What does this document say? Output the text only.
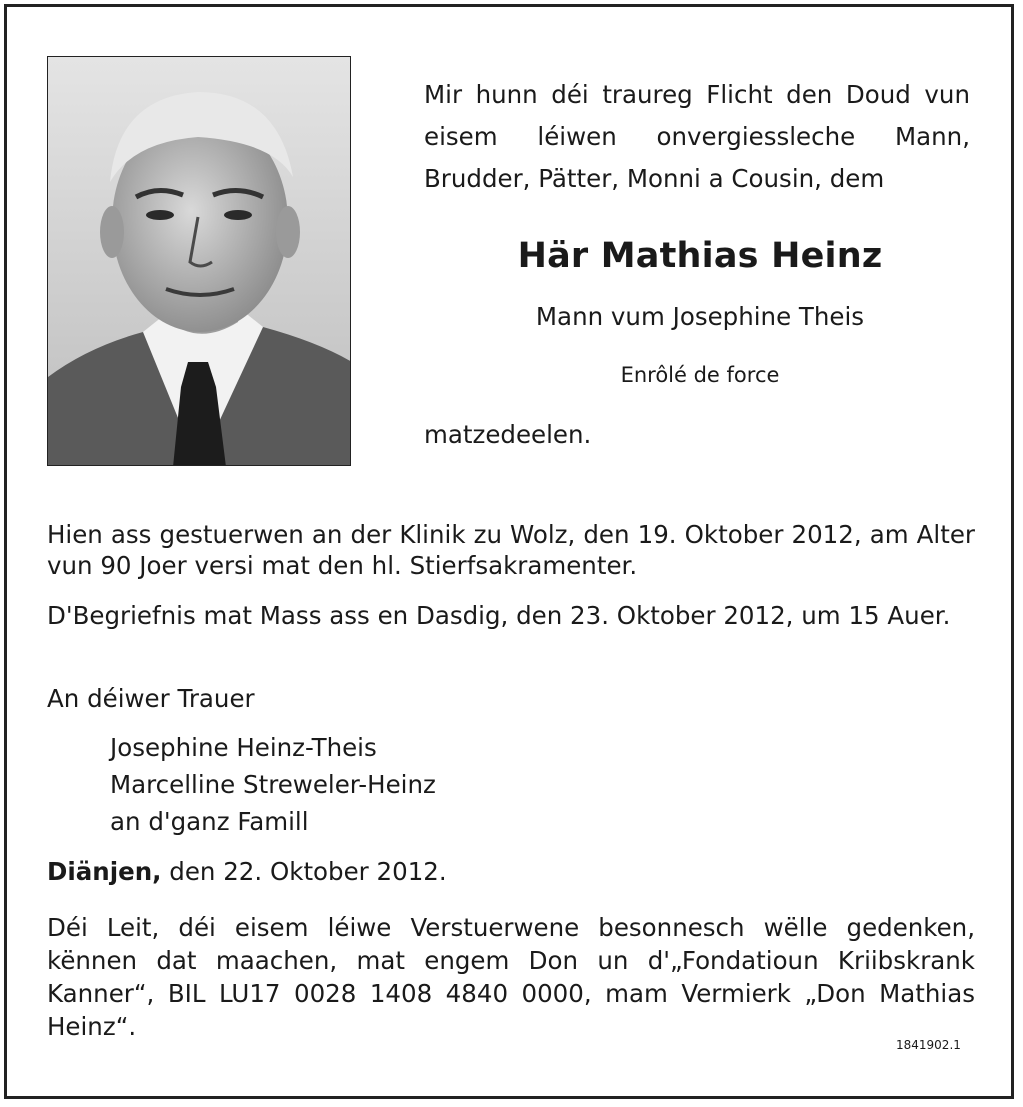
Mir hunn déi traureg Flicht den Doud vun eisem léiwen onvergiessleche Mann, Brudder, Pätter, Monni a Cousin, dem
Här Mathias Heinz
Mann vum Josephine Theis
Enrôlé de force
matzedeelen.
Hien ass gestuerwen an der Klinik zu Wolz, den 19. Oktober 2012, am Alter vun 90 Joer versi mat den hl. Stierfsakramenter.
D'Begriefnis mat Mass ass en Dasdig, den 23. Oktober 2012, um 15 Auer.
An déiwer Trauer
Josephine Heinz-Theis
Marcelline Streweler-Heinz
an d'ganz Famill
Diänjen, den 22. Oktober 2012.
Déi Leit, déi eisem léiwe Verstuerwene besonnesch wëlle gedenken, kënnen dat maachen, mat engem Don un d'„Fondatioun Kriibskrank Kanner“, BIL LU17 0028 1408 4840 0000, mam Vermierk „Don Mathias Heinz“.
1841902.1
